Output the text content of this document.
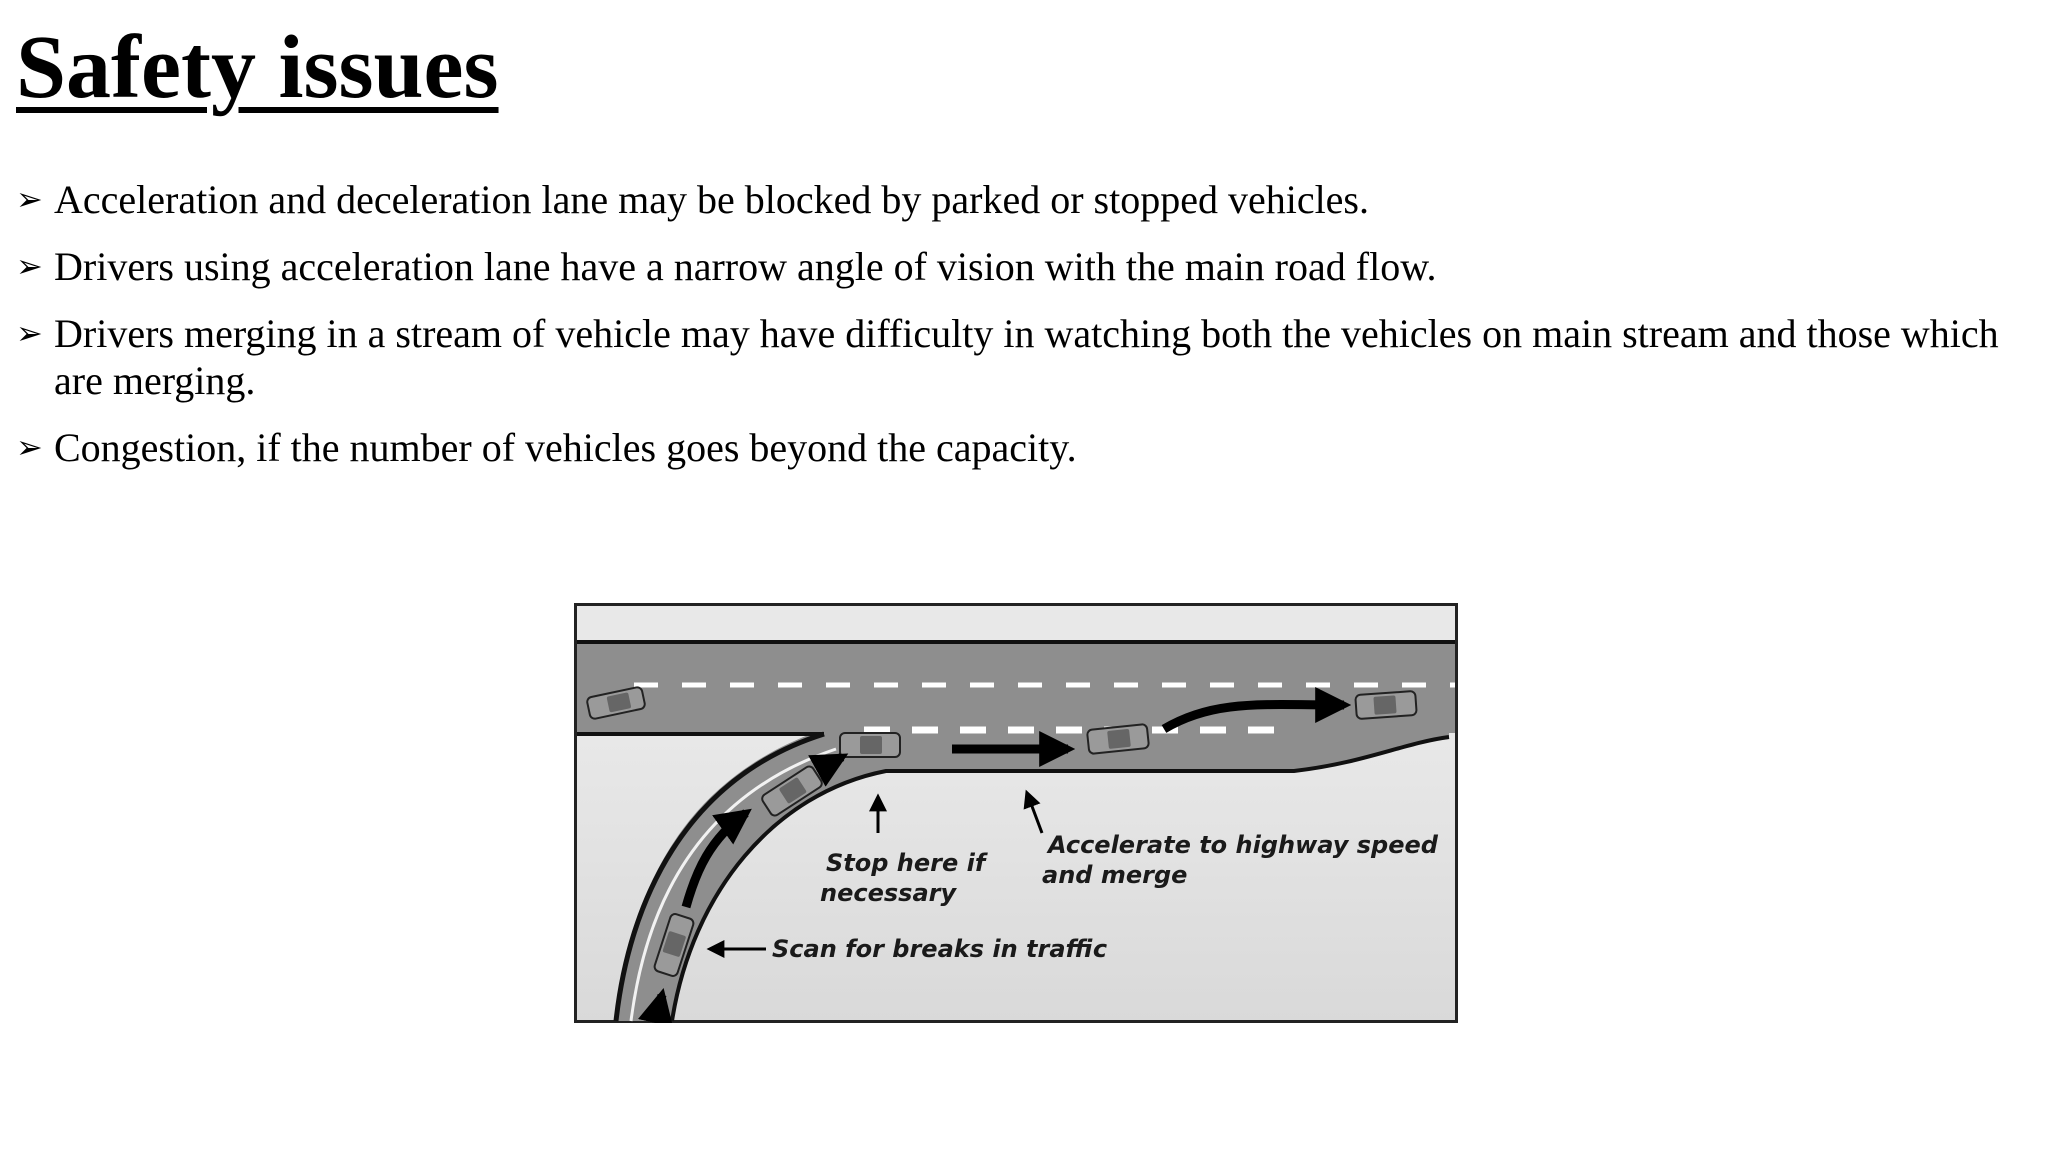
Safety issues
➢ Acceleration and deceleration lane may be blocked by parked or stopped vehicles.
➢ Drivers using acceleration lane have a narrow angle of vision with the main road flow.
➢ Drivers merging in a stream of vehicle may have difficulty in watching both the vehicles on main stream and those which are merging.
➢ Congestion, if the number of vehicles goes beyond the capacity.
Stop here if
necessary
Accelerate to highway speed
and merge
Scan for breaks in traffic
